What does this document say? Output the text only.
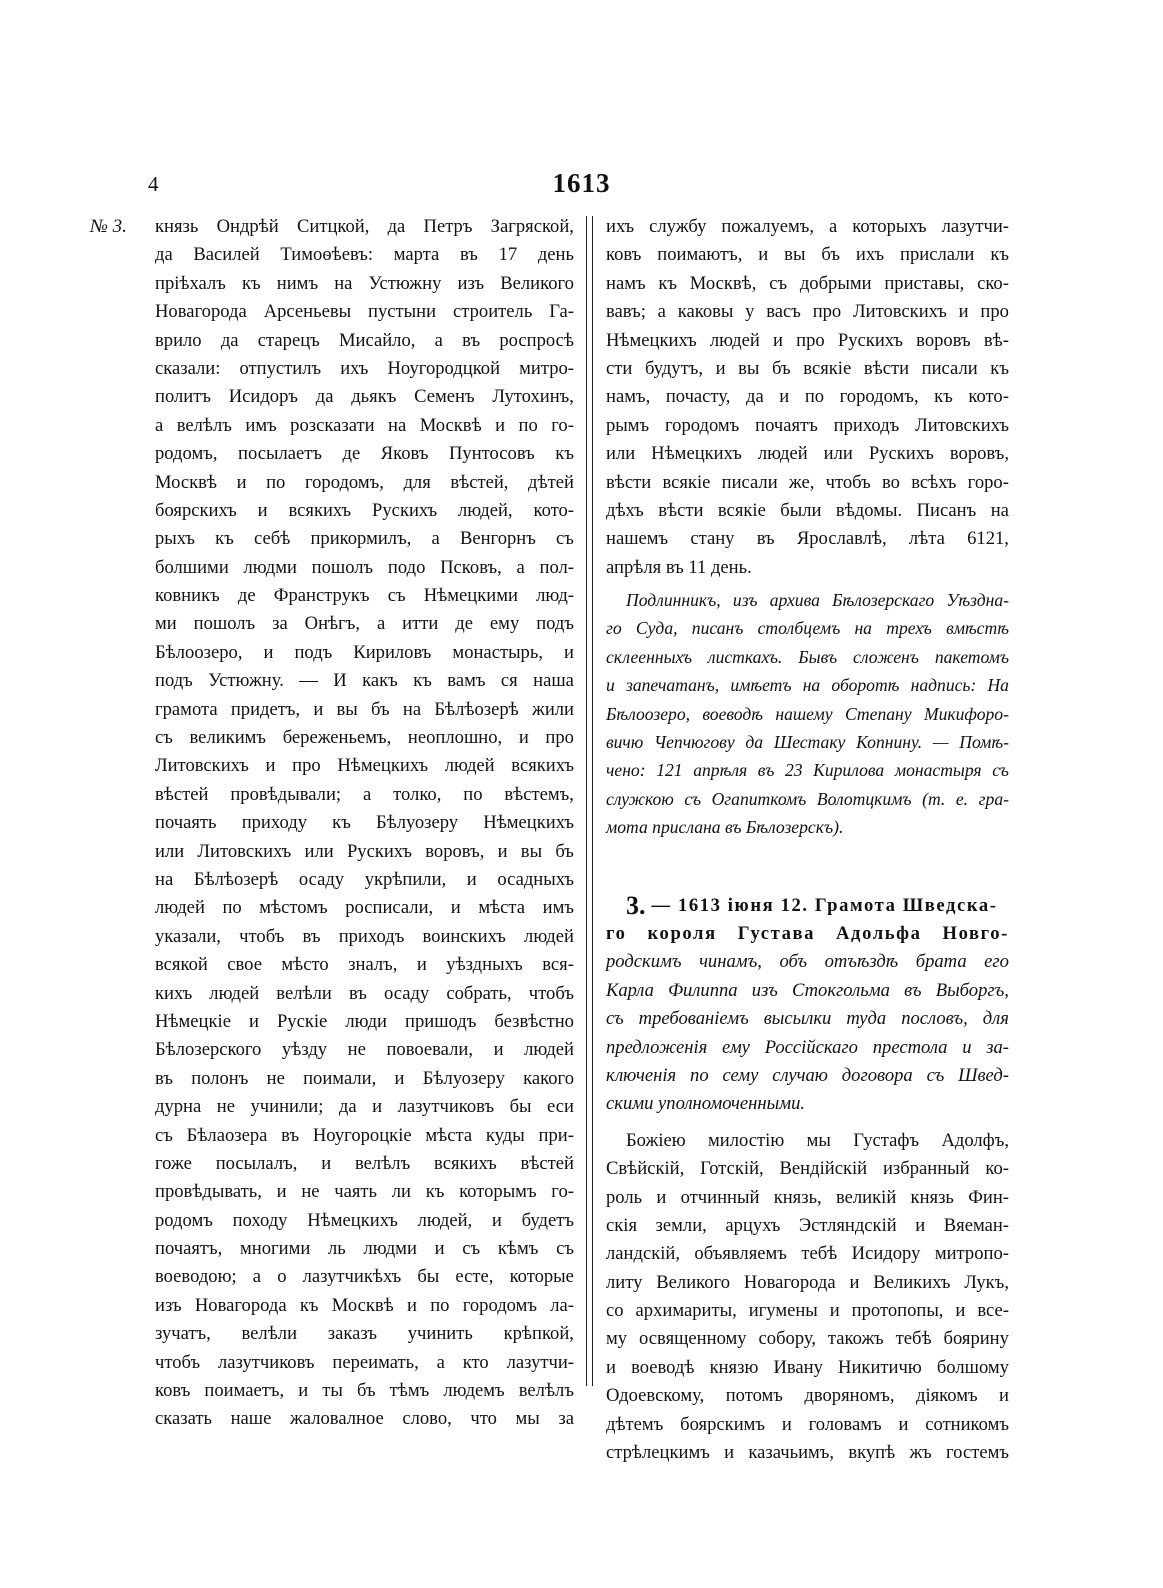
4	1613
№ 3. князь Ондрѣй Ситцкой, да Петръ Загряской,
да Василей Тимоѳѣевъ: марта въ 17 день
пріѣхалъ къ нимъ на Устюжну изъ Великого
Новагорода Арсеньевы пустыни строитель Га-
врило да старецъ Мисайло, а въ роспросѣ
сказали: отпустилъ ихъ Ноугородцкой митро-
политъ Исидоръ да дьякъ Семенъ Лутохинъ,
а велѣлъ имъ розсказати на Москвѣ и по го-
родомъ, посылаетъ де Яковъ Пунтосовъ къ
Москвѣ и по городомъ, для вѣстей, дѣтей
боярскихъ и всякихъ Рускихъ людей, кото-
рыхъ къ себѣ прикормилъ, а Венгорнъ съ
болшими людми пошолъ подо Псковъ, а пол-
ковникъ де Франструкъ съ Нѣмецкими люд-
ми пошолъ за Онѣгъ, а итти де ему подъ
Бѣлоозеро, и подъ Кириловъ монастырь, и
подъ Устюжну. — И какъ къ вамъ ся наша
грамота придетъ, и вы бъ на Бѣлѣозерѣ жили
съ великимъ береженьемъ, неоплошно, и про
Литовскихъ и про Нѣмецкихъ людей всякихъ
вѣстей провѣдывали; а толко, по вѣстемъ,
почаять приходу къ Бѣлуозеру Нѣмецкихъ
или Литовскихъ или Рускихъ воровъ, и вы бъ
на Бѣлѣозерѣ осаду укрѣпили, и осадныхъ
людей по мѣстомъ росписали, и мѣста имъ
указали, чтобъ въ приходъ воинскихъ людей
всякой свое мѣсто зналъ, и уѣздныхъ вся-
кихъ людей велѣли въ осаду собрать, чтобъ
Нѣмецкіе и Рускіе люди пришодъ безвѣстно
Бѣлозерского уѣзду не повоевали, и людей
въ полонъ не поимали, и Бѣлуозеру какого
дурна не учинили; да и лазутчиковъ бы еси
съ Бѣлаозера въ Ноугороцкіе мѣста куды при-
гоже посылалъ, и велѣлъ всякихъ вѣстей
провѣдывать, и не чаять ли къ которымъ го-
родомъ походу Нѣмецкихъ людей, и будетъ
почаятъ, многими ль людми и съ кѣмъ съ
воеводою; а о лазутчикѣхъ бы есте, которые
изъ Новагорода къ Москвѣ и по городомъ ла-
зучатъ, велѣли заказъ учинить крѣпкой,
чтобъ лазутчиковъ переимать, а кто лазутчи-
ковъ поимаетъ, и ты бъ тѣмъ людемъ велѣлъ
сказать наше жаловалное слово, что мы за
ихъ службу пожалуемъ, а которыхъ лазутчи-
ковъ поимаютъ, и вы бъ ихъ прислали къ
намъ къ Москвѣ, съ добрыми приставы, ско-
вавъ; а каковы у васъ про Литовскихъ и про
Нѣмецкихъ людей и про Рускихъ воровъ вѣ-
сти будутъ, и вы бъ всякіе вѣсти писали къ
намъ, почасту, да и по городомъ, къ кото-
рымъ городомъ почаятъ приходъ Литовскихъ
или Нѣмецкихъ людей или Рускихъ воровъ,
вѣсти всякіе писали же, чтобъ во всѣхъ горо-
дѣхъ вѣсти всякіе были вѣдомы. Писанъ на
нашемъ стану въ Ярославлѣ, лѣта 6121,
апрѣля въ 11 день.
Подлинникъ, изъ архива Бѣлозерскаго Уѣздна-
го Суда, писанъ столбцемъ на трехъ вмѣстѣ
склеенныхъ листкахъ. Бывъ сложенъ пакетомъ
и запечатанъ, имѣетъ на оборотѣ надпись: На
Бѣлоозеро, воеводѣ нашему Степану Микифоро-
вичю Чепчюгову да Шестаку Копнину. — Помѣ-
чено: 121 апрѣля въ 23 Кирилова монастыря съ
служкою съ Огапиткомъ Волотцкимъ (т. е. гра-
мота прислана въ Бѣлозерскъ).
3. — 1613 іюня 12. Грамота Шведска-
го короля Густава Адольфа Новго-
родскимъ чинамъ, объ отъѣздѣ брата его
Карла Филиппа изъ Стокгольма въ Выборгъ,
съ требованіемъ высылки туда пословъ, для
предложенія ему Россійскаго престола и за-
ключенія по сему случаю договора съ Швед-
скими уполномоченными.
Божіею милостію мы Густафъ Адолфъ,
Свѣйскій, Готскій, Вендійскій избранный ко-
роль и отчинный князь, великій князь Фин-
скія земли, арцухъ Эстляндскій и Вяеман-
ландскій, объявляемъ тебѣ Исидору митропо-
литу Великого Новагорода и Великихъ Лукъ,
со архимариты, игумены и протопопы, и все-
му освященному собору, такожъ тебѣ боярину
и воеводѣ князю Ивану Никитичю болшому
Одоевскому, потомъ дворяномъ, діякомъ и
дѣтемъ боярскимъ и головамъ и сотникомъ
стрѣлецкимъ и казачьимъ, вкупѣ жъ гостемъ
